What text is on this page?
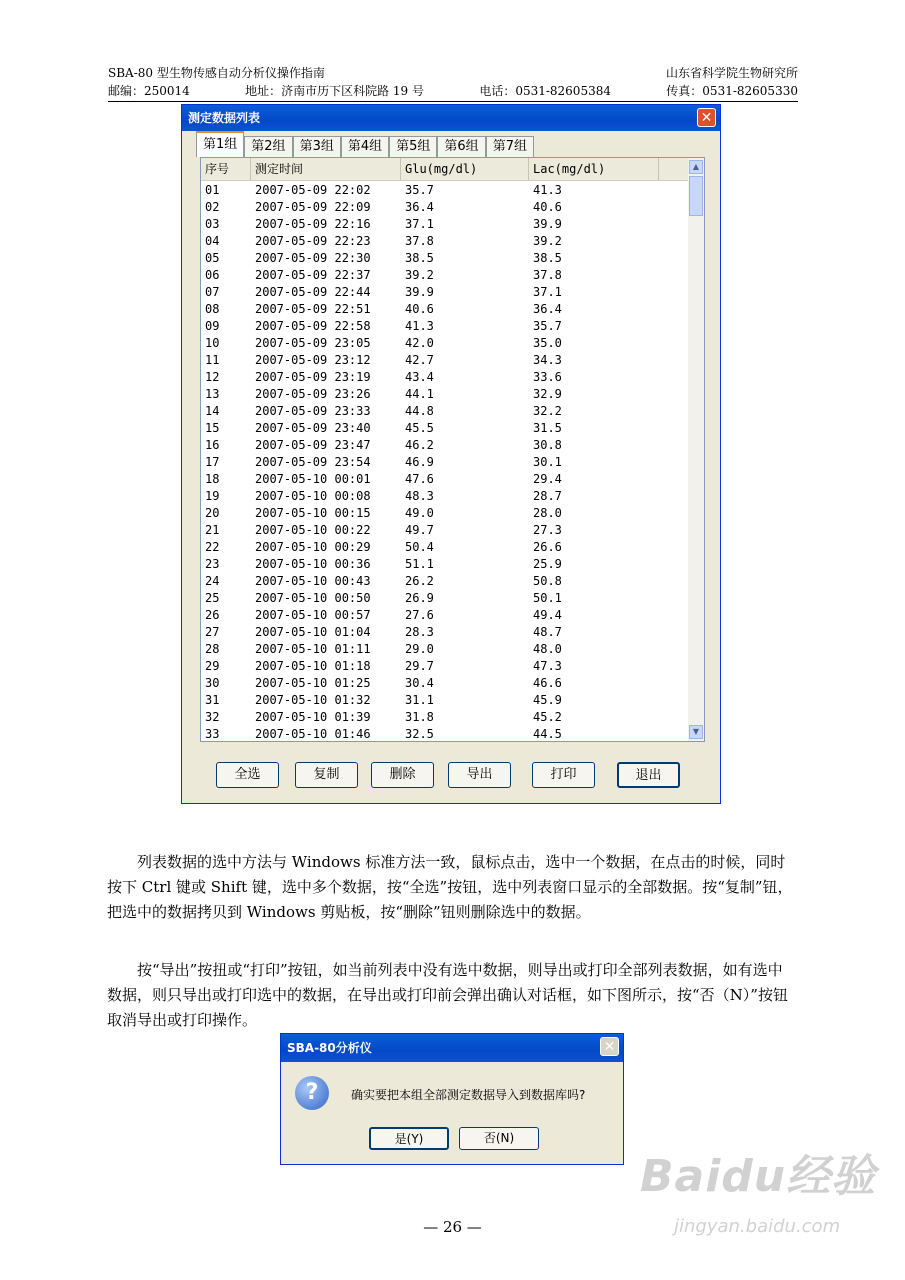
SBA-80 型生物传感自动分析仪操作指南	山东省科学院生物研究所
邮编：250014	地址：济南市历下区科院路 19 号	电话：0531-82605384	传真：0531-82605330
测定数据列表	✕
第1组	第2组	第3组	第4组	第5组	第6组	第7组
序号	测定时间	Glu(mg/dl)	Lac(mg/dl)
01	2007-05-09 22:02	35.7	41.3
02	2007-05-09 22:09	36.4	40.6
03	2007-05-09 22:16	37.1	39.9
04	2007-05-09 22:23	37.8	39.2
05	2007-05-09 22:30	38.5	38.5
06	2007-05-09 22:37	39.2	37.8
07	2007-05-09 22:44	39.9	37.1
08	2007-05-09 22:51	40.6	36.4
09	2007-05-09 22:58	41.3	35.7
10	2007-05-09 23:05	42.0	35.0
11	2007-05-09 23:12	42.7	34.3
12	2007-05-09 23:19	43.4	33.6
13	2007-05-09 23:26	44.1	32.9
14	2007-05-09 23:33	44.8	32.2
15	2007-05-09 23:40	45.5	31.5
16	2007-05-09 23:47	46.2	30.8
17	2007-05-09 23:54	46.9	30.1
18	2007-05-10 00:01	47.6	29.4
19	2007-05-10 00:08	48.3	28.7
20	2007-05-10 00:15	49.0	28.0
21	2007-05-10 00:22	49.7	27.3
22	2007-05-10 00:29	50.4	26.6
23	2007-05-10 00:36	51.1	25.9
24	2007-05-10 00:43	26.2	50.8
25	2007-05-10 00:50	26.9	50.1
26	2007-05-10 00:57	27.6	49.4
27	2007-05-10 01:04	28.3	48.7
28	2007-05-10 01:11	29.0	48.0
29	2007-05-10 01:18	29.7	47.3
30	2007-05-10 01:25	30.4	46.6
31	2007-05-10 01:32	31.1	45.9
32	2007-05-10 01:39	31.8	45.2
33	2007-05-10 01:46	32.5	44.5
▲
▼
全选	复制	删除	导出	打印	退出

列表数据的选中方法与 Windows 标准方法一致，鼠标点击，选中一个数据，在点击的时候，同时按下 Ctrl 键或 Shift 键，选中多个数据，按“全选”按钮，选中列表窗口显示的全部数据。按“复制”钮，把选中的数据拷贝到 Windows 剪贴板，按“删除”钮则删除选中的数据。

按“导出”按扭或“打印”按钮，如当前列表中没有选中数据，则导出或打印全部列表数据，如有选中数据，则只导出或打印选中的数据，在导出或打印前会弹出确认对话框，如下图所示，按“否（N）”按钮取消导出或打印操作。

SBA-80分析仪	✕
?	确实要把本组全部测定数据导入到数据库吗?
是(Y)	否(N)
— 26 —
Baidu经验
jingyan.baidu.com
